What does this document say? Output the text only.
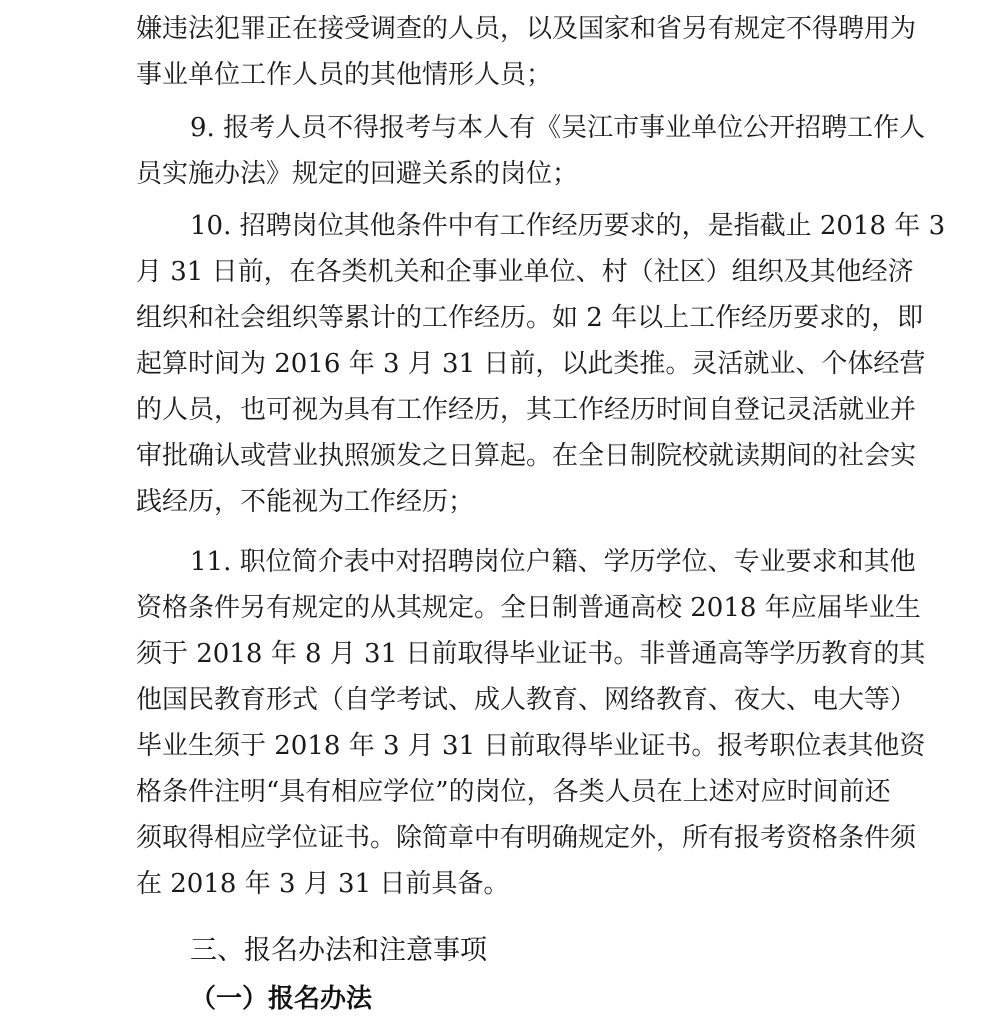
嫌违法犯罪正在接受调查的人员，以及国家和省另有规定不得聘用为

事业单位工作人员的其他情形人员；

9. 报考人员不得报考与本人有《吴江市事业单位公开招聘工作人

员实施办法》规定的回避关系的岗位；

10. 招聘岗位其他条件中有工作经历要求的，是指截止 2018 年 3

月 31 日前，在各类机关和企事业单位、村（社区）组织及其他经济

组织和社会组织等累计的工作经历。如 2 年以上工作经历要求的，即

起算时间为 2016 年 3 月 31 日前，以此类推。灵活就业、个体经营

的人员，也可视为具有工作经历，其工作经历时间自登记灵活就业并

审批确认或营业执照颁发之日算起。在全日制院校就读期间的社会实

践经历，不能视为工作经历；

11. 职位简介表中对招聘岗位户籍、学历学位、专业要求和其他

资格条件另有规定的从其规定。全日制普通高校 2018 年应届毕业生

须于 2018 年 8 月 31 日前取得毕业证书。非普通高等学历教育的其

他国民教育形式（自学考试、成人教育、网络教育、夜大、电大等）

毕业生须于 2018 年 3 月 31 日前取得毕业证书。报考职位表其他资

格条件注明“具有相应学位”的岗位，各类人员在上述对应时间前还

须取得相应学位证书。除简章中有明确规定外，所有报考资格条件须

在 2018 年 3 月 31 日前具备。

三、报名办法和注意事项
（一）报名办法
